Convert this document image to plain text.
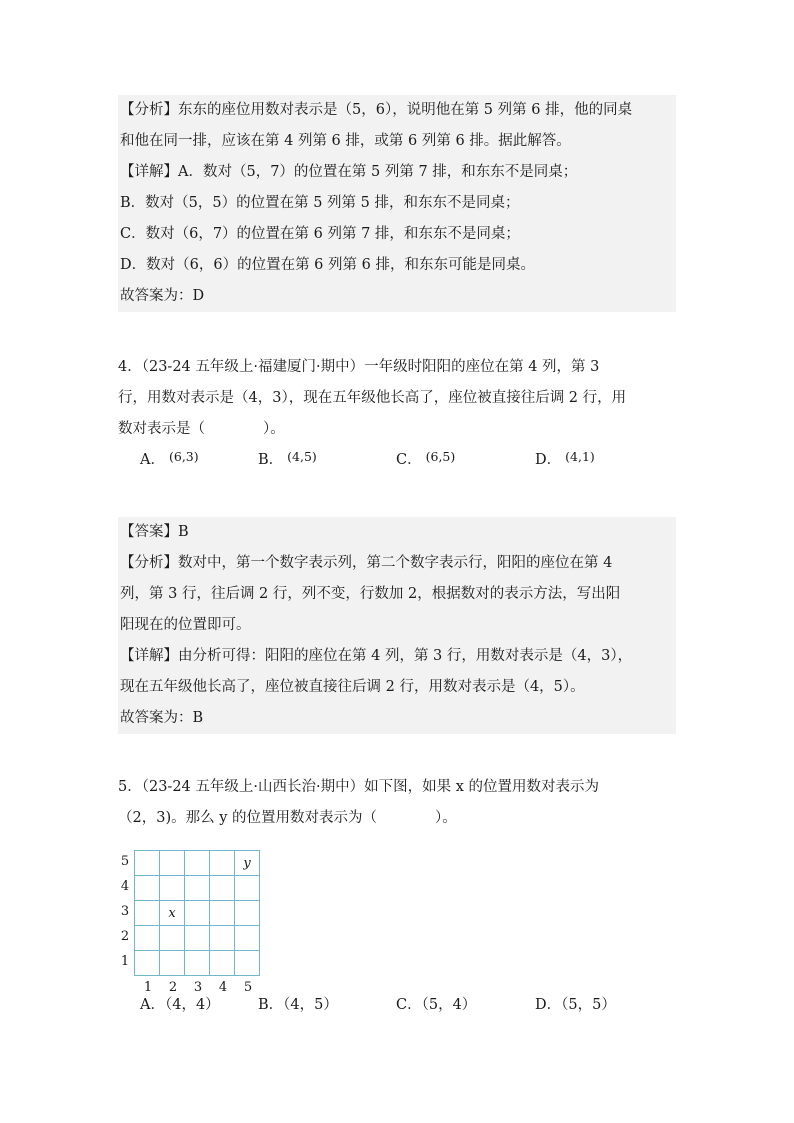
【分析】东东的座位用数对表示是（5，6），说明他在第 5 列第 6 排，他的同桌
和他在同一排，应该在第 4 列第 6 排，或第 6 列第 6 排。据此解答。
【详解】A．数对（5，7）的位置在第 5 列第 7 排，和东东不是同桌；
B．数对（5，5）的位置在第 5 列第 5 排，和东东不是同桌；
C．数对（6，7）的位置在第 6 列第 7 排，和东东不是同桌；
D．数对（6，6）的位置在第 6 列第 6 排，和东东可能是同桌。
故答案为：D
4．（23-24 五年级上·福建厦门·期中）一年级时阳阳的座位在第 4 列，第 3
行，用数对表示是（4，3），现在五年级他长高了，座位被直接往后调 2 行，用
数对表示是（　　　　）。
A． (6,3)	B． (4,5)	C． (6,5)	D． (4,1)
【答案】B
【分析】数对中，第一个数字表示列，第二个数字表示行，阳阳的座位在第 4
列，第 3 行，往后调 2 行，列不变，行数加 2，根据数对的表示方法，写出阳
阳现在的位置即可。
【详解】由分析可得：阳阳的座位在第 4 列，第 3 行，用数对表示是（4，3），
现在五年级他长高了，座位被直接往后调 2 行，用数对表示是（4，5）。
故答案为：B
5．（23-24 五年级上·山西长治·期中）如下图，如果 x 的位置用数对表示为
（2，3)。那么 y 的位置用数对表示为（　　　　）。
5
4
3
2
1
				y

	x			

1 2 3 4 5
A．（4，4）	B．（4，5）	C．（5，4）	D．（5，5）
